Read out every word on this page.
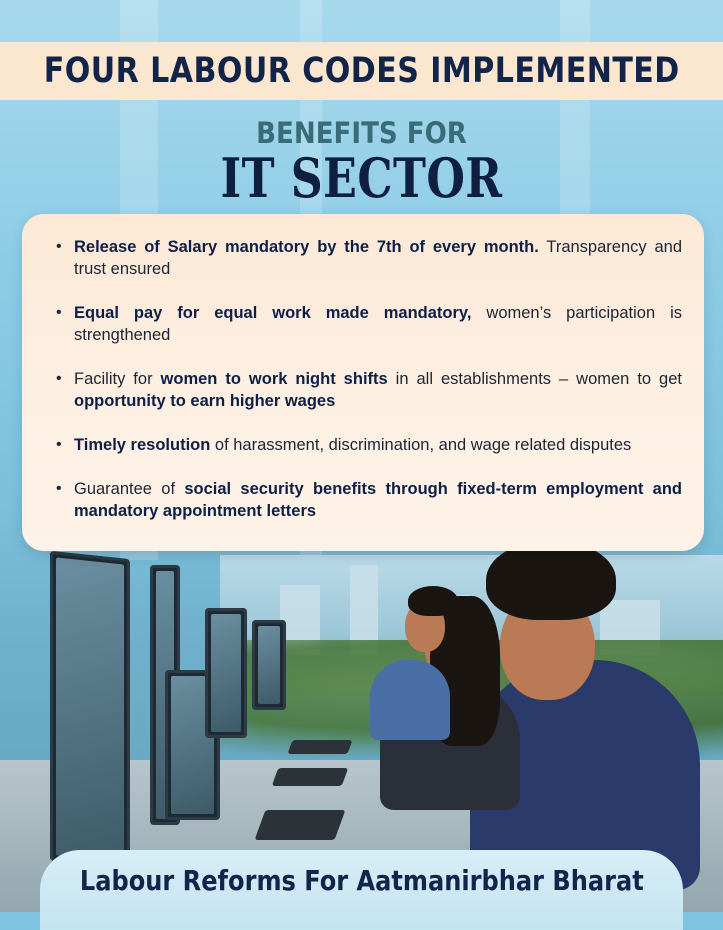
FOUR LABOUR CODES IMPLEMENTED
BENEFITS FOR
IT SECTOR
• Release of Salary mandatory by the 7th of every month. Transparency and trust ensured
• Equal pay for equal work made mandatory, women’s participation is strengthened
• Facility for women to work night shifts in all establishments – women to get opportunity to earn higher wages
• Timely resolution of harassment, discrimination, and wage related disputes
• Guarantee of social security benefits through fixed-term employment and mandatory appointment letters
Labour Reforms For Aatmanirbhar Bharat
